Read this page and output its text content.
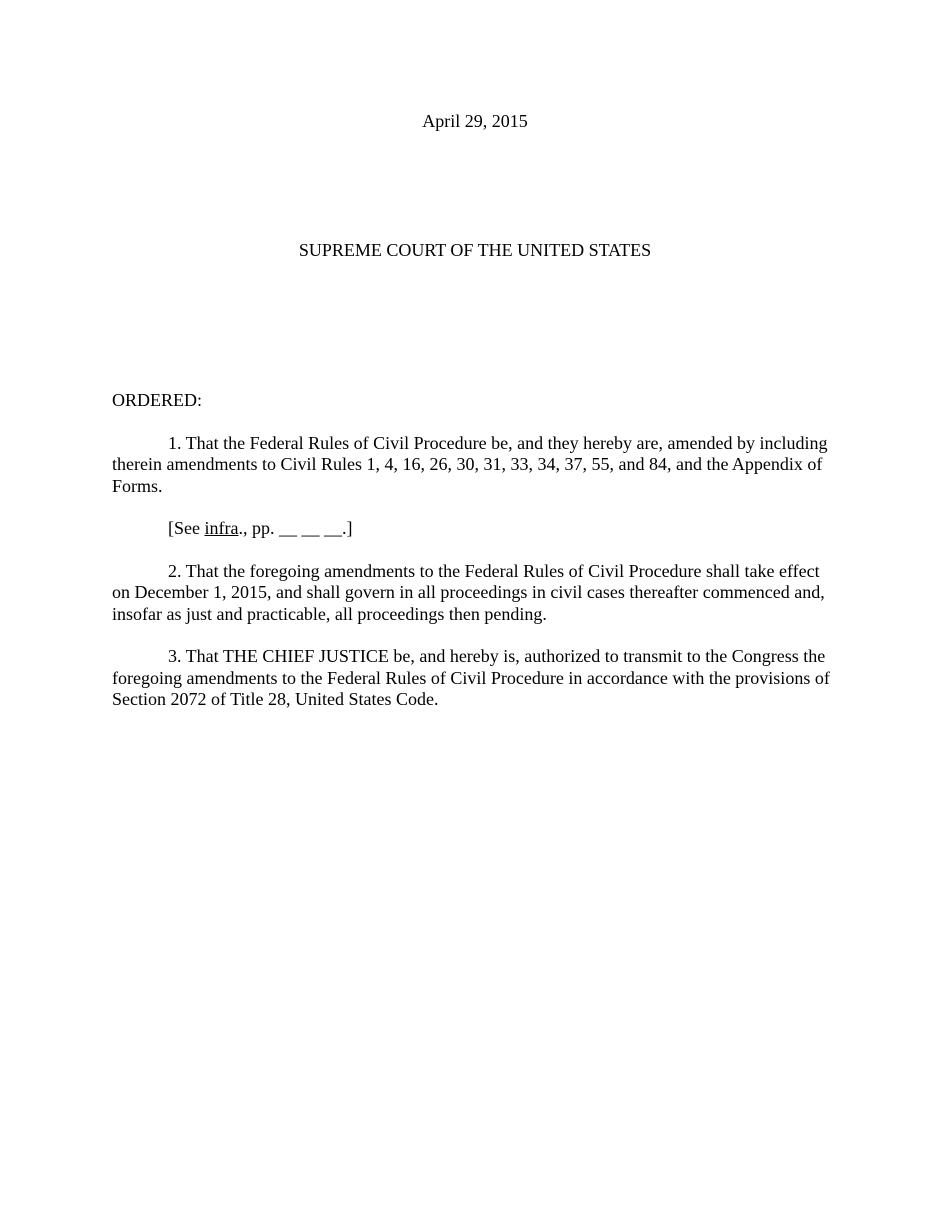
April 29, 2015
SUPREME COURT OF THE UNITED STATES

ORDERED:

1. That the Federal Rules of Civil Procedure be, and they hereby are, amended by including therein amendments to Civil Rules 1, 4, 16, 26, 30, 31, 33, 34, 37, 55, and 84, and the Appendix of Forms.

[See infra., pp. __ __ __.]

2. That the foregoing amendments to the Federal Rules of Civil Procedure shall take effect on December 1, 2015, and shall govern in all proceedings in civil cases thereafter commenced and, insofar as just and practicable, all proceedings then pending.

3. That THE CHIEF JUSTICE be, and hereby is, authorized to transmit to the Congress the foregoing amendments to the Federal Rules of Civil Procedure in accordance with the provisions of Section 2072 of Title 28, United States Code.
